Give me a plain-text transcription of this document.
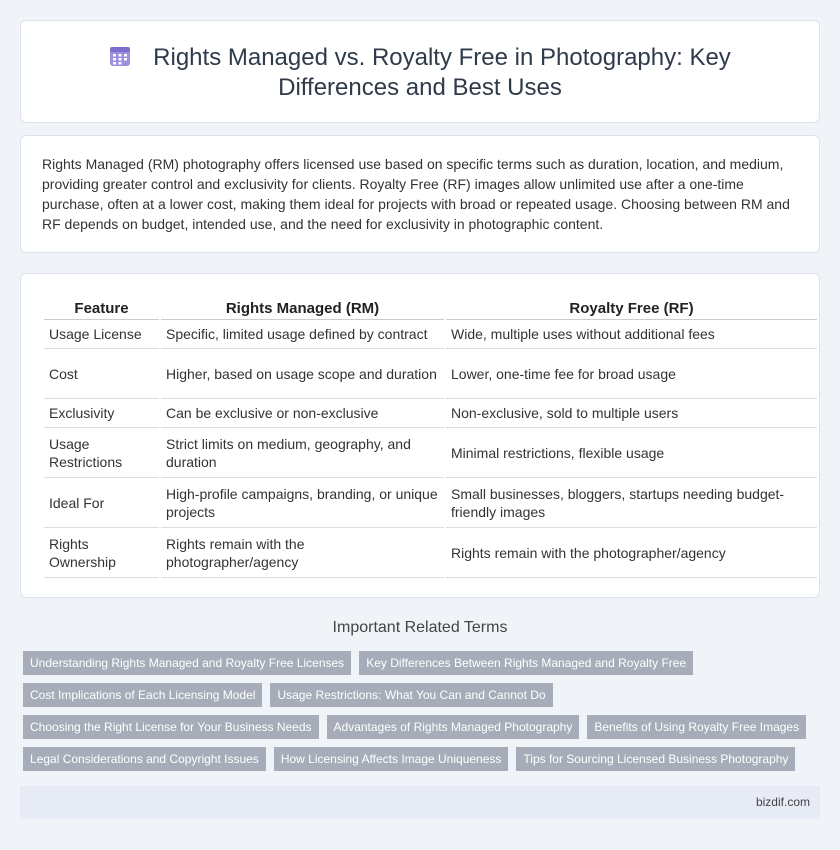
Rights Managed vs. Royalty Free in Photography: Key Differences and Best Uses

Rights Managed (RM) photography offers licensed use based on specific terms such as duration, location, and medium, providing greater control and exclusivity for clients. Royalty Free (RF) images allow unlimited use after a one-time purchase, often at a lower cost, making them ideal for projects with broad or repeated usage. Choosing between RM and RF depends on budget, intended use, and the need for exclusivity in photographic content.

Feature	Rights Managed (RM)	Royalty Free (RF)
Usage License	Specific, limited usage defined by contract	Wide, multiple uses without additional fees
Cost	Higher, based on usage scope and duration	Lower, one-time fee for broad usage
Exclusivity	Can be exclusive or non-exclusive	Non-exclusive, sold to multiple users
Usage Restrictions	Strict limits on medium, geography, and duration	Minimal restrictions, flexible usage
Ideal For	High-profile campaigns, branding, or unique projects	Small businesses, bloggers, startups needing budget-friendly images
Rights Ownership	Rights remain with the photographer/agency	Rights remain with the photographer/agency
Important Related Terms
Understanding Rights Managed and Royalty Free Licenses	Key Differences Between Rights Managed and Royalty Free
Cost Implications of Each Licensing Model	Usage Restrictions: What You Can and Cannot Do
Choosing the Right License for Your Business Needs	Advantages of Rights Managed Photography	Benefits of Using Royalty Free Images
Legal Considerations and Copyright Issues	How Licensing Affects Image Uniqueness	Tips for Sourcing Licensed Business Photography
bizdif.com
